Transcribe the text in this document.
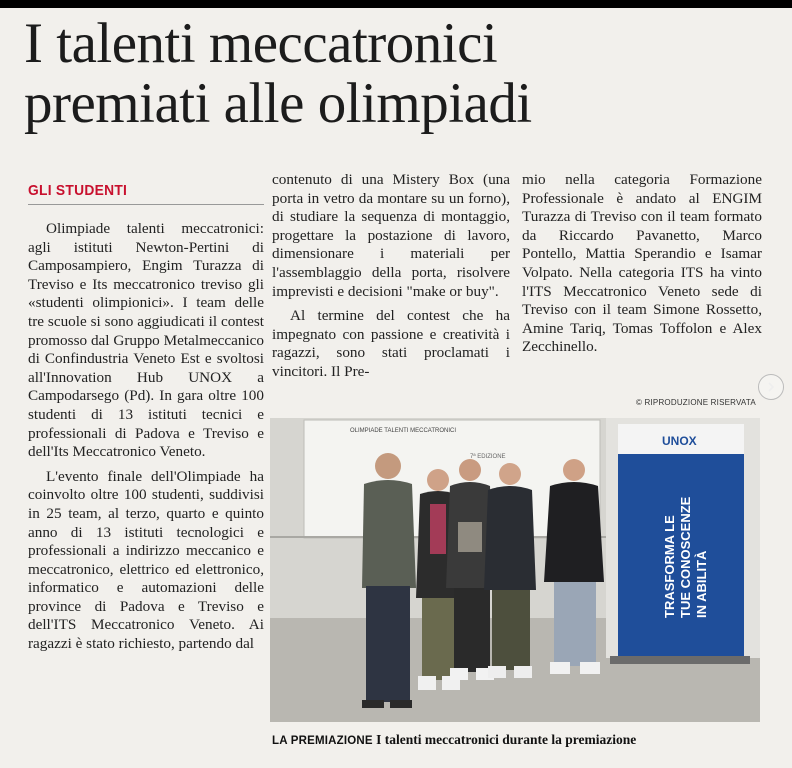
I talenti meccatronici
premiati alle olimpiadi
GLI STUDENTI

Olimpiade talenti meccatronici: agli istituti Newton-Pertini di Camposampiero, Engim Turazza di Treviso e Its meccatronico treviso gli «studenti olimpionici». I team delle tre scuole si sono aggiudicati il contest promosso dal Gruppo Metalmeccanico di Confindustria Veneto Est e svoltosi all'Innovation Hub UNOX a Campodarsego (Pd). In gara oltre 100 studenti di 13 istituti tecnici e professionali di Padova e Treviso e dell'Its Meccatronico Veneto.

L'evento finale dell'Olimpiade ha coinvolto oltre 100 studenti, suddivisi in 25 team, al terzo, quarto e quinto anno di 13 istituti tecnologici e professionali a indirizzo meccanico e meccatronico, elettrico ed elettronico, informatico e automazioni delle province di Padova e Treviso e dell'ITS Meccatronico Veneto. Ai ragazzi è stato richiesto, partendo dal

contenuto di una Mistery Box (una porta in vetro da montare su un forno), di studiare la sequenza di montaggio, progettare la postazione di lavoro, dimensionare i materiali per l'assemblaggio della porta, risolvere imprevisti e decisioni "make or buy".

Al termine del contest che ha impegnato con passione e creatività i ragazzi, sono stati proclamati i vincitori. Il Pre-

mio nella categoria Formazione Professionale è andato al ENGIM Turazza di Treviso con il team formato da Riccardo Pavanetto, Marco Pontello, Mattia Sperandio e Isamar Volpato. Nella categoria ITS ha vinto l'ITS Meccatronico Veneto sede di Treviso con il team Simone Rossetto, Amine Tariq, Tomas Toffolon e Alex Zecchinello.

© RIPRODUZIONE RISERVATA
OLIMPIADE TALENTI MECCATRONICI
7ª EDIZIONE
UNOX
TRASFORMA LE TUE CONOSCENZE IN ABILITÀ
LA PREMIAZIONE I talenti meccatronici durante la premiazione
